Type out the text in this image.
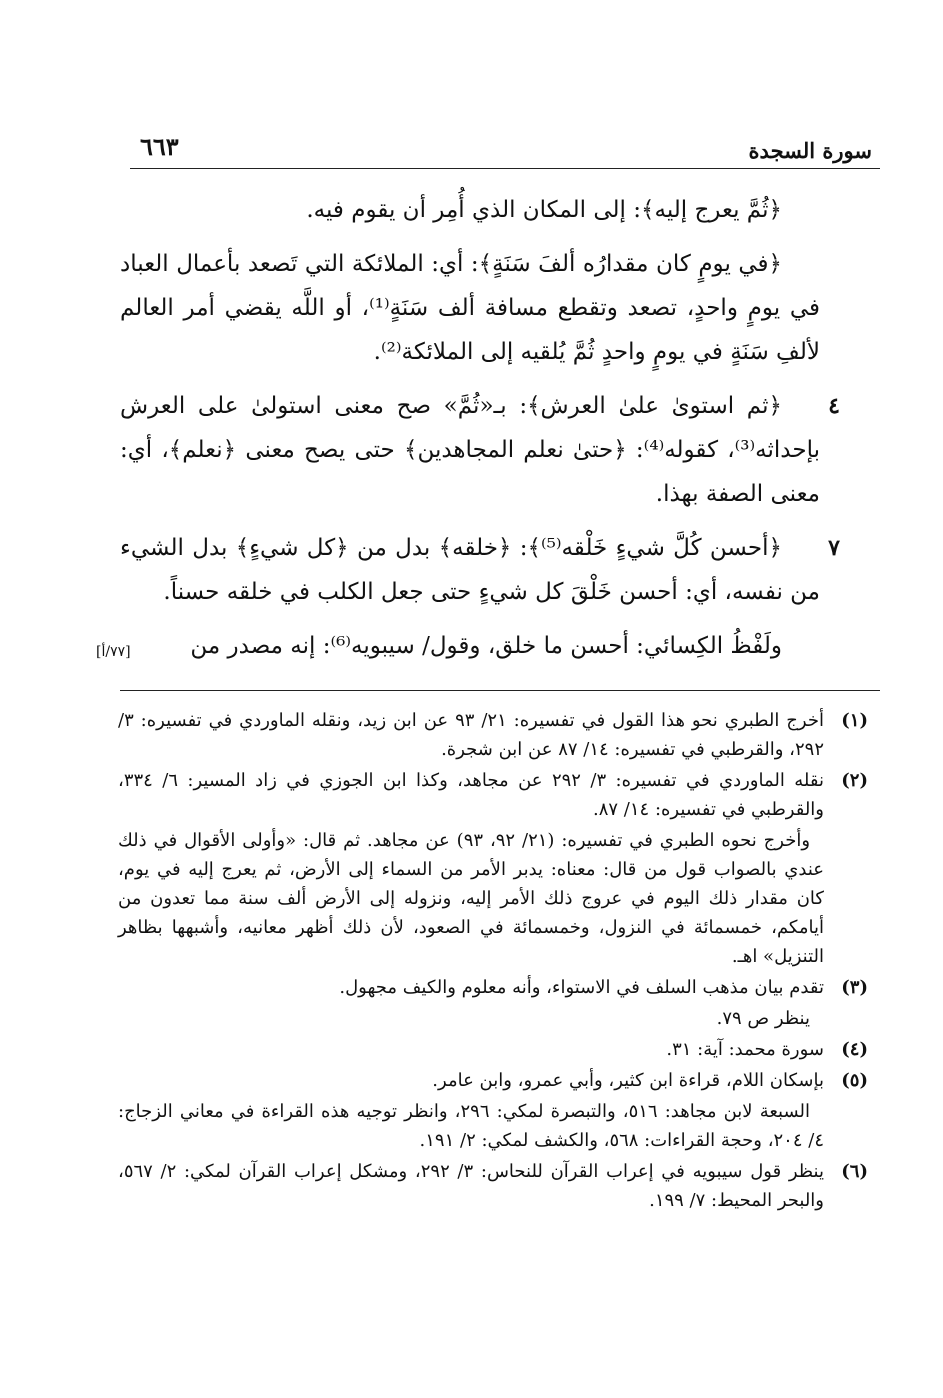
سورة السجدة
٦٦٣

﴿ثُمَّ يعرج إليه﴾: إلى المكان الذي أُمِر أن يقوم فيه.

﴿في يومٍ كان مقدارُه ألفَ سَنَةٍ﴾: أي: الملائكة التي تَصعد بأعمال العباد في يومٍ واحدٍ، تصعد وتقطع مسافة ألف سَنَةٍ⁽¹⁾، أو اللَّه يقضي أمر العالم لألفِ سَنَةٍ في يومٍ واحدٍ ثُمَّ يُلقيه إلى الملائكة⁽²⁾.

٤
﴿ثم استوىٰ علىٰ العرش﴾: بـ«ثُمَّ» صح معنى استولىٰ على العرش بإحداثه⁽³⁾، كقوله⁽⁴⁾: ﴿حتىٰ نعلم المجاهدين﴾ حتى يصح معنى ﴿نعلم﴾، أي: معنى الصفة بهذا.
٧
﴿أحسن كُلَّ شيءٍ خَلْقه⁽⁵⁾﴾: ﴿خلقه﴾ بدل من ﴿كل شيءٍ﴾ بدل الشيء من نفسه، أي: أحسن خَلْقَ كل شيءٍ حتى جعل الكلب في خلقه حسناً.
ولَفْظُ الكِسائي: أحسن ما خلق، وقول/ سيبويه⁽⁶⁾: إنه مصدر من
[٧٧/أ]

(١)
أخرج الطبري نحو هذا القول في تفسيره: ٢١/ ٩٣ عن ابن زيد، ونقله الماوردي في تفسيره: ٣/ ٢٩٢، والقرطبي في تفسيره: ١٤/ ٨٧ عن ابن شجرة.

(٢)
نقله الماوردي في تفسيره: ٣/ ٢٩٢ عن مجاهد، وكذا ابن الجوزي في زاد المسير: ٦/ ٣٣٤، والقرطبي في تفسيره: ١٤/ ٨٧.

وأخرج نحوه الطبري في تفسيره: (٢١/ ٩٢، ٩٣) عن مجاهد. ثم قال: «وأولى الأقوال في ذلك عندي بالصواب قول من قال: معناه: يدبر الأمر من السماء إلى الأرض، ثم يعرج إليه في يوم، كان مقدار ذلك اليوم في عروج ذلك الأمر إليه، ونزوله إلى الأرض ألف سنة مما تعدون من أيامكم، خمسمائة في النزول، وخمسمائة في الصعود، لأن ذلك أظهر معانيه، وأشبهها بظاهر التنزيل» اهـ.

(٣)
تقدم بيان مذهب السلف في الاستواء، وأنه معلوم والكيف مجهول.

ينظر ص ٧٩.

(٤)
سورة محمد: آية: ٣١.

(٥)
بإسكان اللام، قراءة ابن كثير، وأبي عمرو، وابن عامر.

السبعة لابن مجاهد: ٥١٦، والتبصرة لمكي: ٢٩٦، وانظر توجيه هذه القراءة في معاني الزجاج: ٤/ ٢٠٤، وحجة القراءات: ٥٦٨، والكشف لمكي: ٢/ ١٩١.

(٦)
ينظر قول سيبويه في إعراب القرآن للنحاس: ٣/ ٢٩٢، ومشكل إعراب القرآن لمكي: ٢/ ٥٦٧، والبحر المحيط: ٧/ ١٩٩.
